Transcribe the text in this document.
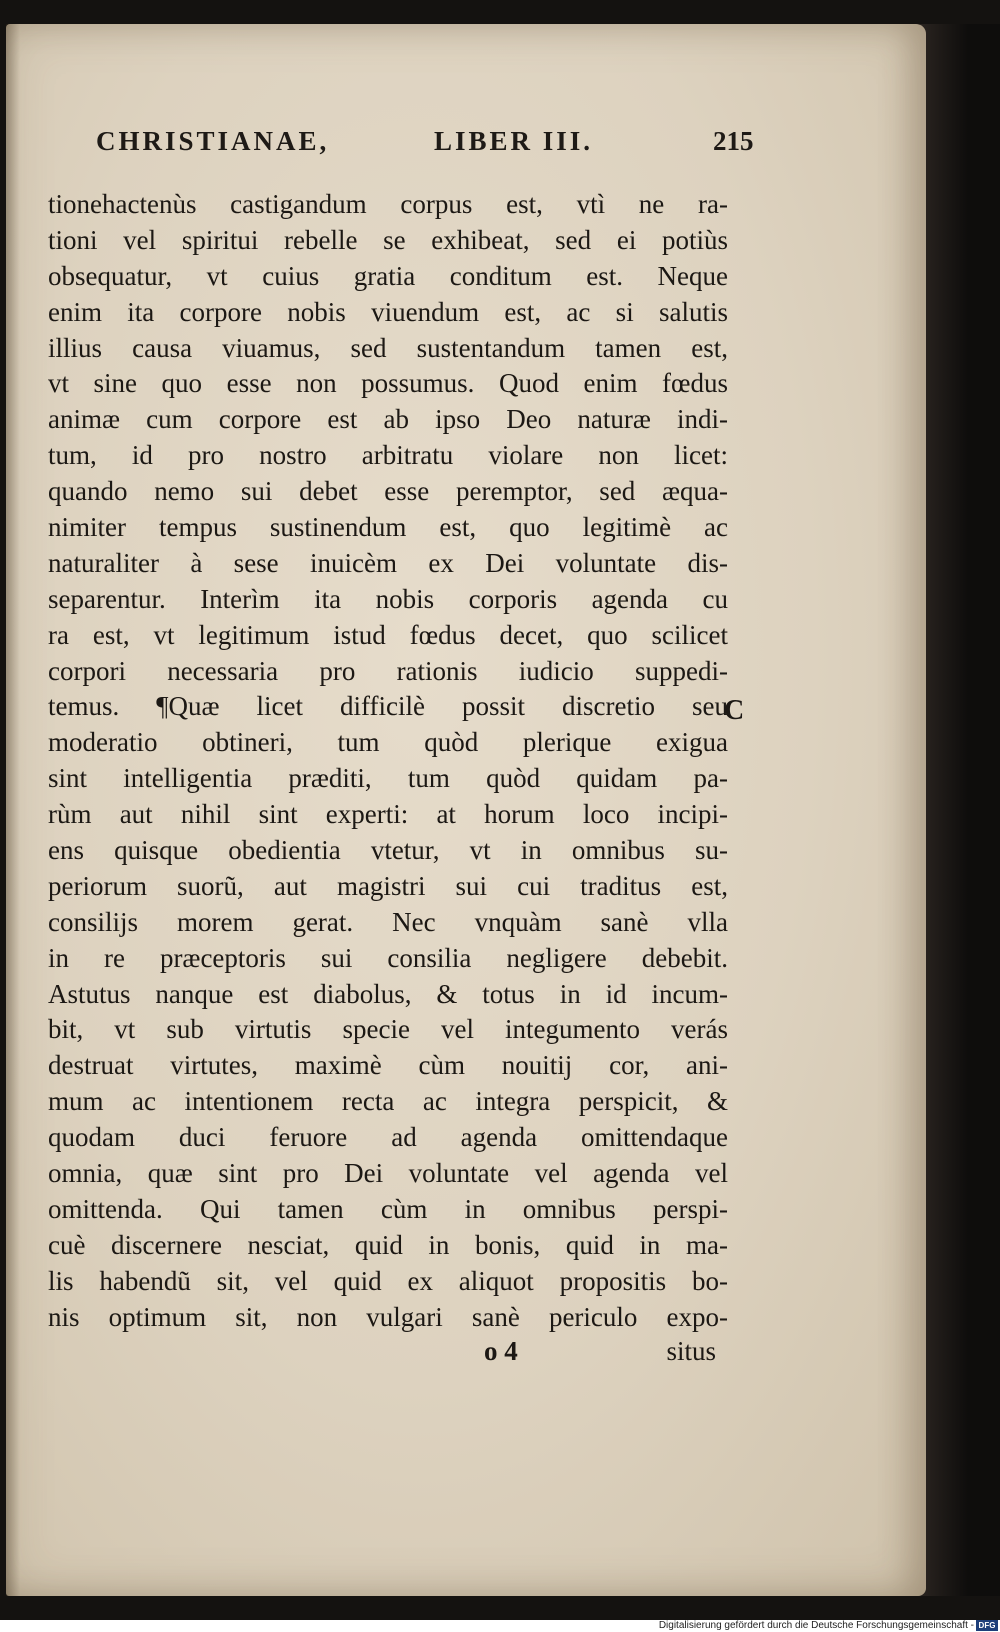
CHRISTIANAE,	LIBER III.	215
tionehactenùs castigandum corpus est, vtì ne ra-
tioni vel spiritui rebelle se exhibeat, sed ei potiùs
obsequatur, vt cuius gratia conditum est. Neque
enim ita corpore nobis viuendum est, ac si salutis
illius causa viuamus, sed sustentandum tamen est,
vt sine quo esse non possumus. Quod enim fœdus
animæ cum corpore est ab ipso Deo naturæ indi-
tum, id pro nostro arbitratu violare non licet:
quando nemo sui debet esse peremptor, sed æqua-
nimiter tempus sustinendum est, quo legitimè ac
naturaliter à sese inuicèm ex Dei voluntate dis-
separentur. Interìm ita nobis corporis agenda cu
ra est, vt legitimum istud fœdus decet, quo scilicet
corpori necessaria pro rationis iudicio suppedi-
temus. ¶Quæ licet difficilè possit discretio seu
moderatio obtineri, tum quòd plerique exigua
sint intelligentia præditi, tum quòd quidam pa-
rùm aut nihil sint experti: at horum loco incipi-
ens quisque obedientia vtetur, vt in omnibus su-
periorum suorũ, aut magistri sui cui traditus est,
consilijs morem gerat. Nec vnquàm sanè vlla
in re præceptoris sui consilia negligere debebit.
Astutus nanque est diabolus, & totus in id incum-
bit, vt sub virtutis specie vel integumento verás
destruat virtutes, maximè cùm nouitij cor, ani-
mum ac intentionem recta ac integra perspicit, &
quodam duci feruore ad agenda omittendaque
omnia, quæ sint pro Dei voluntate vel agenda vel
omittenda. Qui tamen cùm in omnibus perspi-
cuè discernere nesciat, quid in bonis, quid in ma-
lis habendũ sit, vel quid ex aliquot propositis bo-
nis optimum sit, non vulgari sanè periculo expo-
C
o 4	situs
Digitalisierung gefördert durch die Deutsche Forschungsgemeinschaft - DFG
